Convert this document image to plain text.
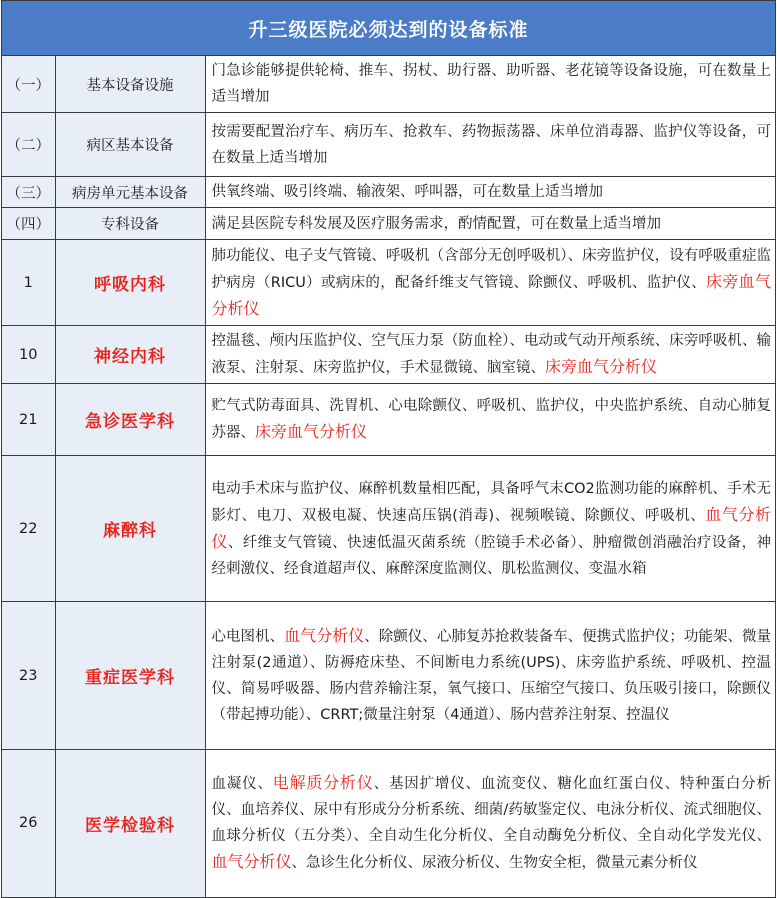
升三级医院必须达到的设备标准
（一）	基本设备设施	门急诊能够提供轮椅、推车、拐杖、助行器、助听器、老花镜等设备设施，可在数量上适当增加
（二）	病区基本设备	按需要配置治疗车、病历车、抢救车、药物振荡器、床单位消毒器、监护仪等设备，可在数量上适当增加
（三）	病房单元基本设备	供氧终端、吸引终端、输液架、呼叫器，可在数量上适当增加
（四）	专科设备	满足县医院专科发展及医疗服务需求，酌情配置，可在数量上适当增加
1	呼吸内科	肺功能仪、电子支气管镜、呼吸机（含部分无创呼吸机）、床旁监护仪，设有呼吸重症监护病房（RICU）或病床的，配备纤维支气管镜、除颤仪、呼吸机、监护仪、床旁血气分析仪
10	神经内科	控温毯、颅内压监护仪、空气压力泵（防血栓）、电动或气动开颅系统、床旁呼吸机、输液泵、注射泵、床旁监护仪，手术显微镜、脑室镜、床旁血气分析仪
21	急诊医学科	贮气式防毒面具、洗胃机、心电除颤仪、呼吸机、监护仪，中央监护系统、自动心肺复苏器、床旁血气分析仪
22	麻醉科	电动手术床与监护仪、麻醉机数量相匹配，具备呼气末CO2监测功能的麻醉机、手术无影灯、电刀、双极电凝、快速高压锅(消毒)、视频喉镜、除颤仪、呼吸机、血气分析仪、纤维支气管镜、快速低温灭菌系统（腔镜手术必备）、肿瘤微创消融治疗设备，神经刺激仪、经食道超声仪、麻醉深度监测仪、肌松监测仪、变温水箱
23	重症医学科	心电图机、血气分析仪、除颤仪、心肺复苏抢救装备车、便携式监护仪；功能架、微量注射泵(2通道）、防褥疮床垫、不间断电力系统(UPS)、床旁监护系统、呼吸机、控温仪、简易呼吸器、肠内营养输注泵，氧气接口、压缩空气接口、负压吸引接口，除颤仪（带起搏功能）、CRRT;微量注射泵（4通道）、肠内营养注射泵、控温仪
26	医学检验科	血凝仪、电解质分析仪、基因扩增仪、血流变仪、糖化血红蛋白仪、特种蛋白分析仪、血培养仪、尿中有形成分分析系统、细菌/药敏鉴定仪、电泳分析仪、流式细胞仪、血球分析仪（五分类）、全自动生化分析仪、全自动酶免分析仪、全自动化学发光仪、血气分析仪、急诊生化分析仪、尿液分析仪、生物安全柜，微量元素分析仪
